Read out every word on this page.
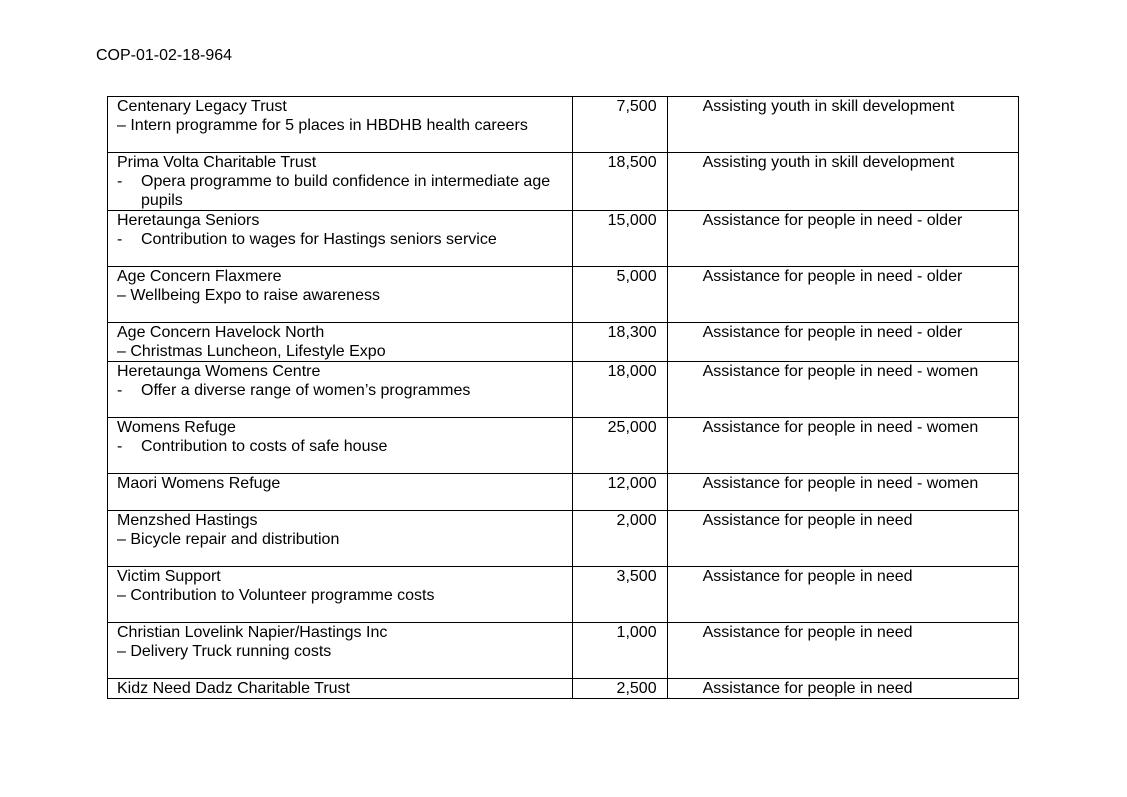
COP-01-02-18-964
Centenary Legacy Trust
– Intern programme for 5 places in HBDHB health careers	7,500	Assisting youth in skill development

Prima Volta Charitable Trust
- Opera programme to build confidence in intermediate age pupils	18,500	Assisting youth in skill development

Heretaunga Seniors
- Contribution to wages for Hastings seniors service	15,000	Assistance for people in need - older

Age Concern Flaxmere
– Wellbeing Expo to raise awareness	5,000	Assistance for people in need - older

Age Concern Havelock North
– Christmas Luncheon, Lifestyle Expo	18,300	Assistance for people in need - older

Heretaunga Womens Centre
- Offer a diverse range of women’s programmes	18,000	Assistance for people in need - women

Womens Refuge
- Contribution to costs of safe house	25,000	Assistance for people in need - women

Maori Womens Refuge	12,000	Assistance for people in need - women

Menzshed Hastings
– Bicycle repair and distribution	2,000	Assistance for people in need

Victim Support
– Contribution to Volunteer programme costs	3,500	Assistance for people in need

Christian Lovelink Napier/Hastings Inc
– Delivery Truck running costs	1,000	Assistance for people in need

Kidz Need Dadz Charitable Trust	2,500	Assistance for people in need
